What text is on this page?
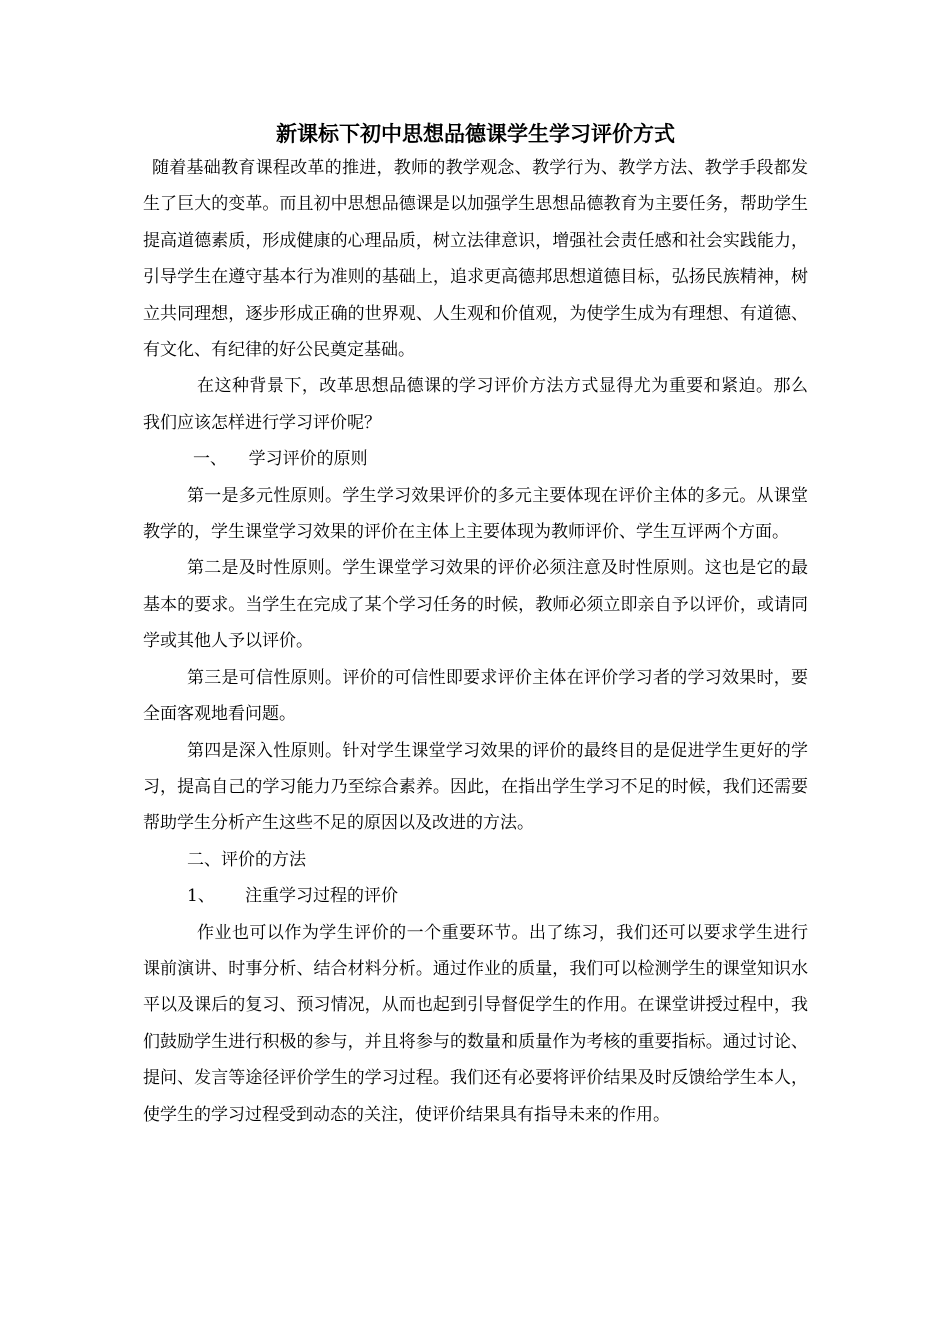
新课标下初中思想品德课学生学习评价方式

随着基础教育课程改革的推进，教师的教学观念、教学行为、教学方法、教学手段都发生了巨大的变革。而且初中思想品德课是以加强学生思想品德教育为主要任务，帮助学生提高道德素质，形成健康的心理品质，树立法律意识，增强社会责任感和社会实践能力，引导学生在遵守基本行为准则的基础上，追求更高德邦思想道德目标，弘扬民族精神，树立共同理想，逐步形成正确的世界观、人生观和价值观，为使学生成为有理想、有道德、有文化、有纪律的好公民奠定基础。

在这种背景下，改革思想品德课的学习评价方法方式显得尤为重要和紧迫。那么我们应该怎样进行学习评价呢？

一、 学习评价的原则

第一是多元性原则。学生学习效果评价的多元主要体现在评价主体的多元。从课堂教学的，学生课堂学习效果的评价在主体上主要体现为教师评价、学生互评两个方面。

第二是及时性原则。学生课堂学习效果的评价必须注意及时性原则。这也是它的最基本的要求。当学生在完成了某个学习任务的时候，教师必须立即亲自予以评价，或请同学或其他人予以评价。

第三是可信性原则。评价的可信性即要求评价主体在评价学习者的学习效果时，要全面客观地看问题。

第四是深入性原则。针对学生课堂学习效果的评价的最终目的是促进学生更好的学习，提高自己的学习能力乃至综合素养。因此，在指出学生学习不足的时候，我们还需要帮助学生分析产生这些不足的原因以及改进的方法。

二、评价的方法
1、 注重学习过程的评价

作业也可以作为学生评价的一个重要环节。出了练习，我们还可以要求学生进行课前演讲、时事分析、结合材料分析。通过作业的质量，我们可以检测学生的课堂知识水平以及课后的复习、预习情况，从而也起到引导督促学生的作用。在课堂讲授过程中，我们鼓励学生进行积极的参与，并且将参与的数量和质量作为考核的重要指标。通过讨论、提问、发言等途径评价学生的学习过程。我们还有必要将评价结果及时反馈给学生本人，使学生的学习过程受到动态的关注，使评价结果具有指导未来的作用。
